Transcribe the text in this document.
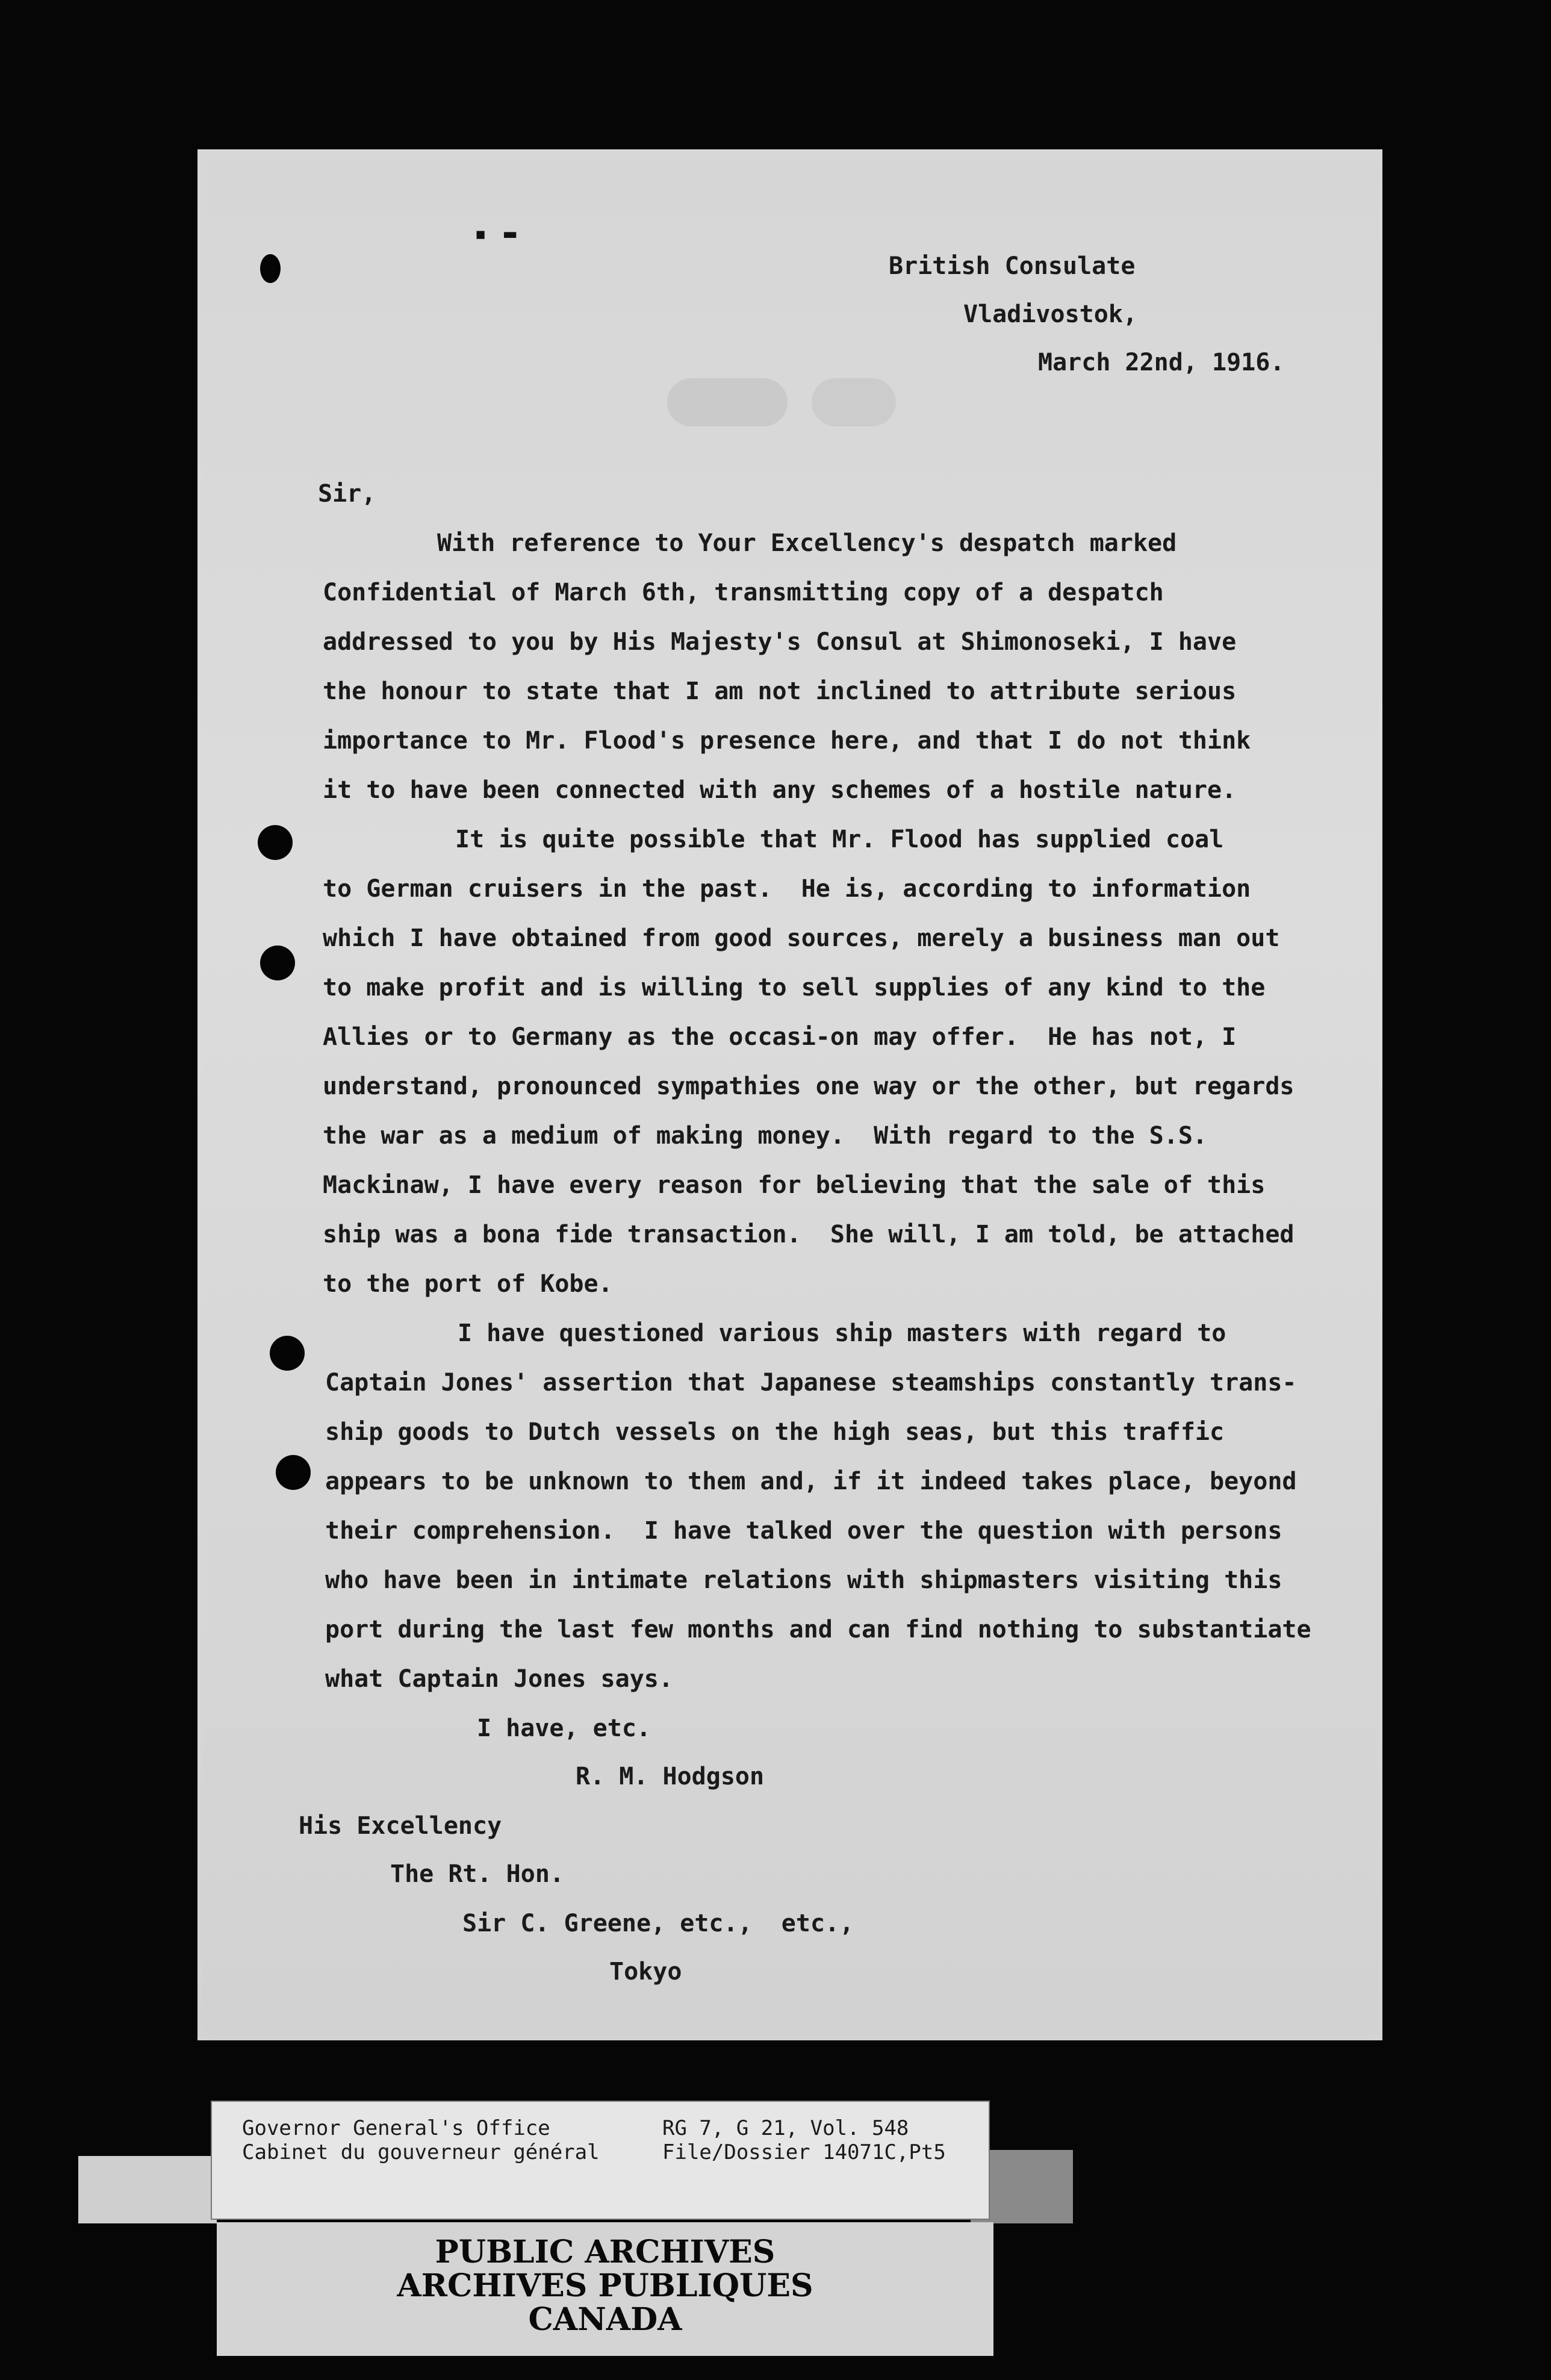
▪ ▬
British Consulate
Vladivostok,
March 22nd, 1916.
Sir,
With reference to Your Excellency's despatch marked
Confidential of March 6th, transmitting copy of a despatch
addressed to you by His Majesty's Consul at Shimonoseki, I have
the honour to state that I am not inclined to attribute serious
importance to Mr. Flood's presence here, and that I do not think
it to have been connected with any schemes of a hostile nature.
It is quite possible that Mr. Flood has supplied coal
to German cruisers in the past.  He is, according to information
which I have obtained from good sources, merely a business man out
to make profit and is willing to sell supplies of any kind to the
Allies or to Germany as the occasi-on may offer.  He has not, I
understand, pronounced sympathies one way or the other, but regards
the war as a medium of making money.  With regard to the S.S.
Mackinaw, I have every reason for believing that the sale of this
ship was a bona fide transaction.  She will, I am told, be attached
to the port of Kobe.
I have questioned various ship masters with regard to
Captain Jones' assertion that Japanese steamships constantly trans-
ship goods to Dutch vessels on the high seas, but this traffic
appears to be unknown to them and, if it indeed takes place, beyond
their comprehension.  I have talked over the question with persons
who have been in intimate relations with shipmasters visiting this
port during the last few months and can find nothing to substantiate
what Captain Jones says.
I have, etc.
R. M. Hodgson
His Excellency
The Rt. Hon.
Sir C. Greene, etc.,  etc.,
Tokyo
Governor General's Office
Cabinet du gouverneur général
RG 7, G 21, Vol. 548
File/Dossier 14071C,Pt5
PUBLIC ARCHIVES
ARCHIVES PUBLIQUES
CANADA
